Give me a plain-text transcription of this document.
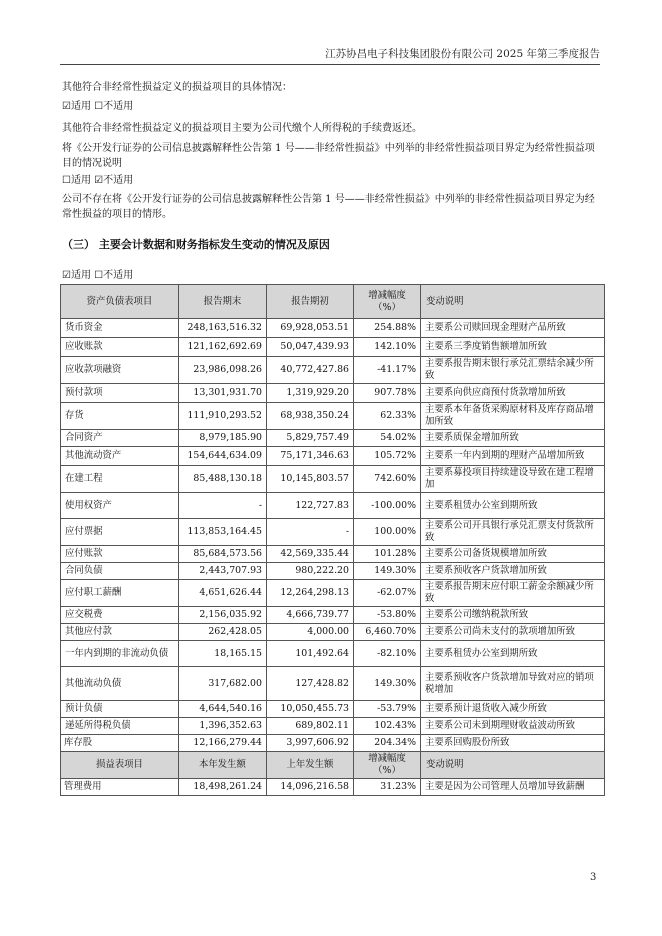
江苏协昌电子科技集团股份有限公司 2025 年第三季度报告
其他符合非经常性损益定义的损益项目的具体情况：
☑适用 ☐不适用
其他符合非经常性损益定义的损益项目主要为公司代缴个人所得税的手续费返还。
将《公开发行证券的公司信息披露解释性公告第 1 号——非经常性损益》中列举的非经常性损益项目界定为经常性损益项目的情况说明
☐适用 ☑不适用
公司不存在将《公开发行证券的公司信息披露解释性公告第 1 号——非经常性损益》中列举的非经常性损益项目界定为经常性损益的项目的情形。
（三） 主要会计数据和财务指标发生变动的情况及原因
☑适用 ☐不适用
资产负债表项目	报告期末	报告期初	增减幅度（%）	变动说明
货币资金	248,163,516.32	69,928,053.51	254.88%	主要系公司赎回现金理财产品所致
应收账款	121,162,692.69	50,047,439.93	142.10%	主要系三季度销售额增加所致
应收款项融资	23,986,098.26	40,772,427.86	-41.17%	主要系报告期末银行承兑汇票结余减少所致
预付款项	13,301,931.70	1,319,929.20	907.78%	主要系向供应商预付货款增加所致
存货	111,910,293.52	68,938,350.24	62.33%	主要系本年备货采购原材料及库存商品增加所致
合同资产	8,979,185.90	5,829,757.49	54.02%	主要系质保金增加所致
其他流动资产	154,644,634.09	75,171,346.63	105.72%	主要系一年内到期的理财产品增加所致
在建工程	85,488,130.18	10,145,803.57	742.60%	主要系募投项目持续建设导致在建工程增加
使用权资产	-	122,727.83	-100.00%	主要系租赁办公室到期所致
应付票据	113,853,164.45	-	100.00%	主要系公司开具银行承兑汇票支付货款所致
应付账款	85,684,573.56	42,569,335.44	101.28%	主要系公司备货规模增加所致
合同负债	2,443,707.93	980,222.20	149.30%	主要系预收客户货款增加所致
应付职工薪酬	4,651,626.44	12,264,298.13	-62.07%	主要系报告期末应付职工薪金余额减少所致
应交税费	2,156,035.92	4,666,739.77	-53.80%	主要系公司缴纳税款所致
其他应付款	262,428.05	4,000.00	6,460.70%	主要系公司尚未支付的款项增加所致
一年内到期的非流动负债	18,165.15	101,492.64	-82.10%	主要系租赁办公室到期所致
其他流动负债	317,682.00	127,428.82	149.30%	主要系预收客户货款增加导致对应的销项税增加
预计负债	4,644,540.16	10,050,455.73	-53.79%	主要系预计退货收入减少所致
递延所得税负债	1,396,352.63	689,802.11	102.43%	主要系公司未到期理财收益波动所致
库存股	12,166,279.44	3,997,606.92	204.34%	主要系回购股份所致
损益表项目	本年发生额	上年发生额	增减幅度（%）	变动说明
管理费用	18,498,261.24	14,096,216.58	31.23%	主要是因为公司管理人员增加导致薪酬
3
